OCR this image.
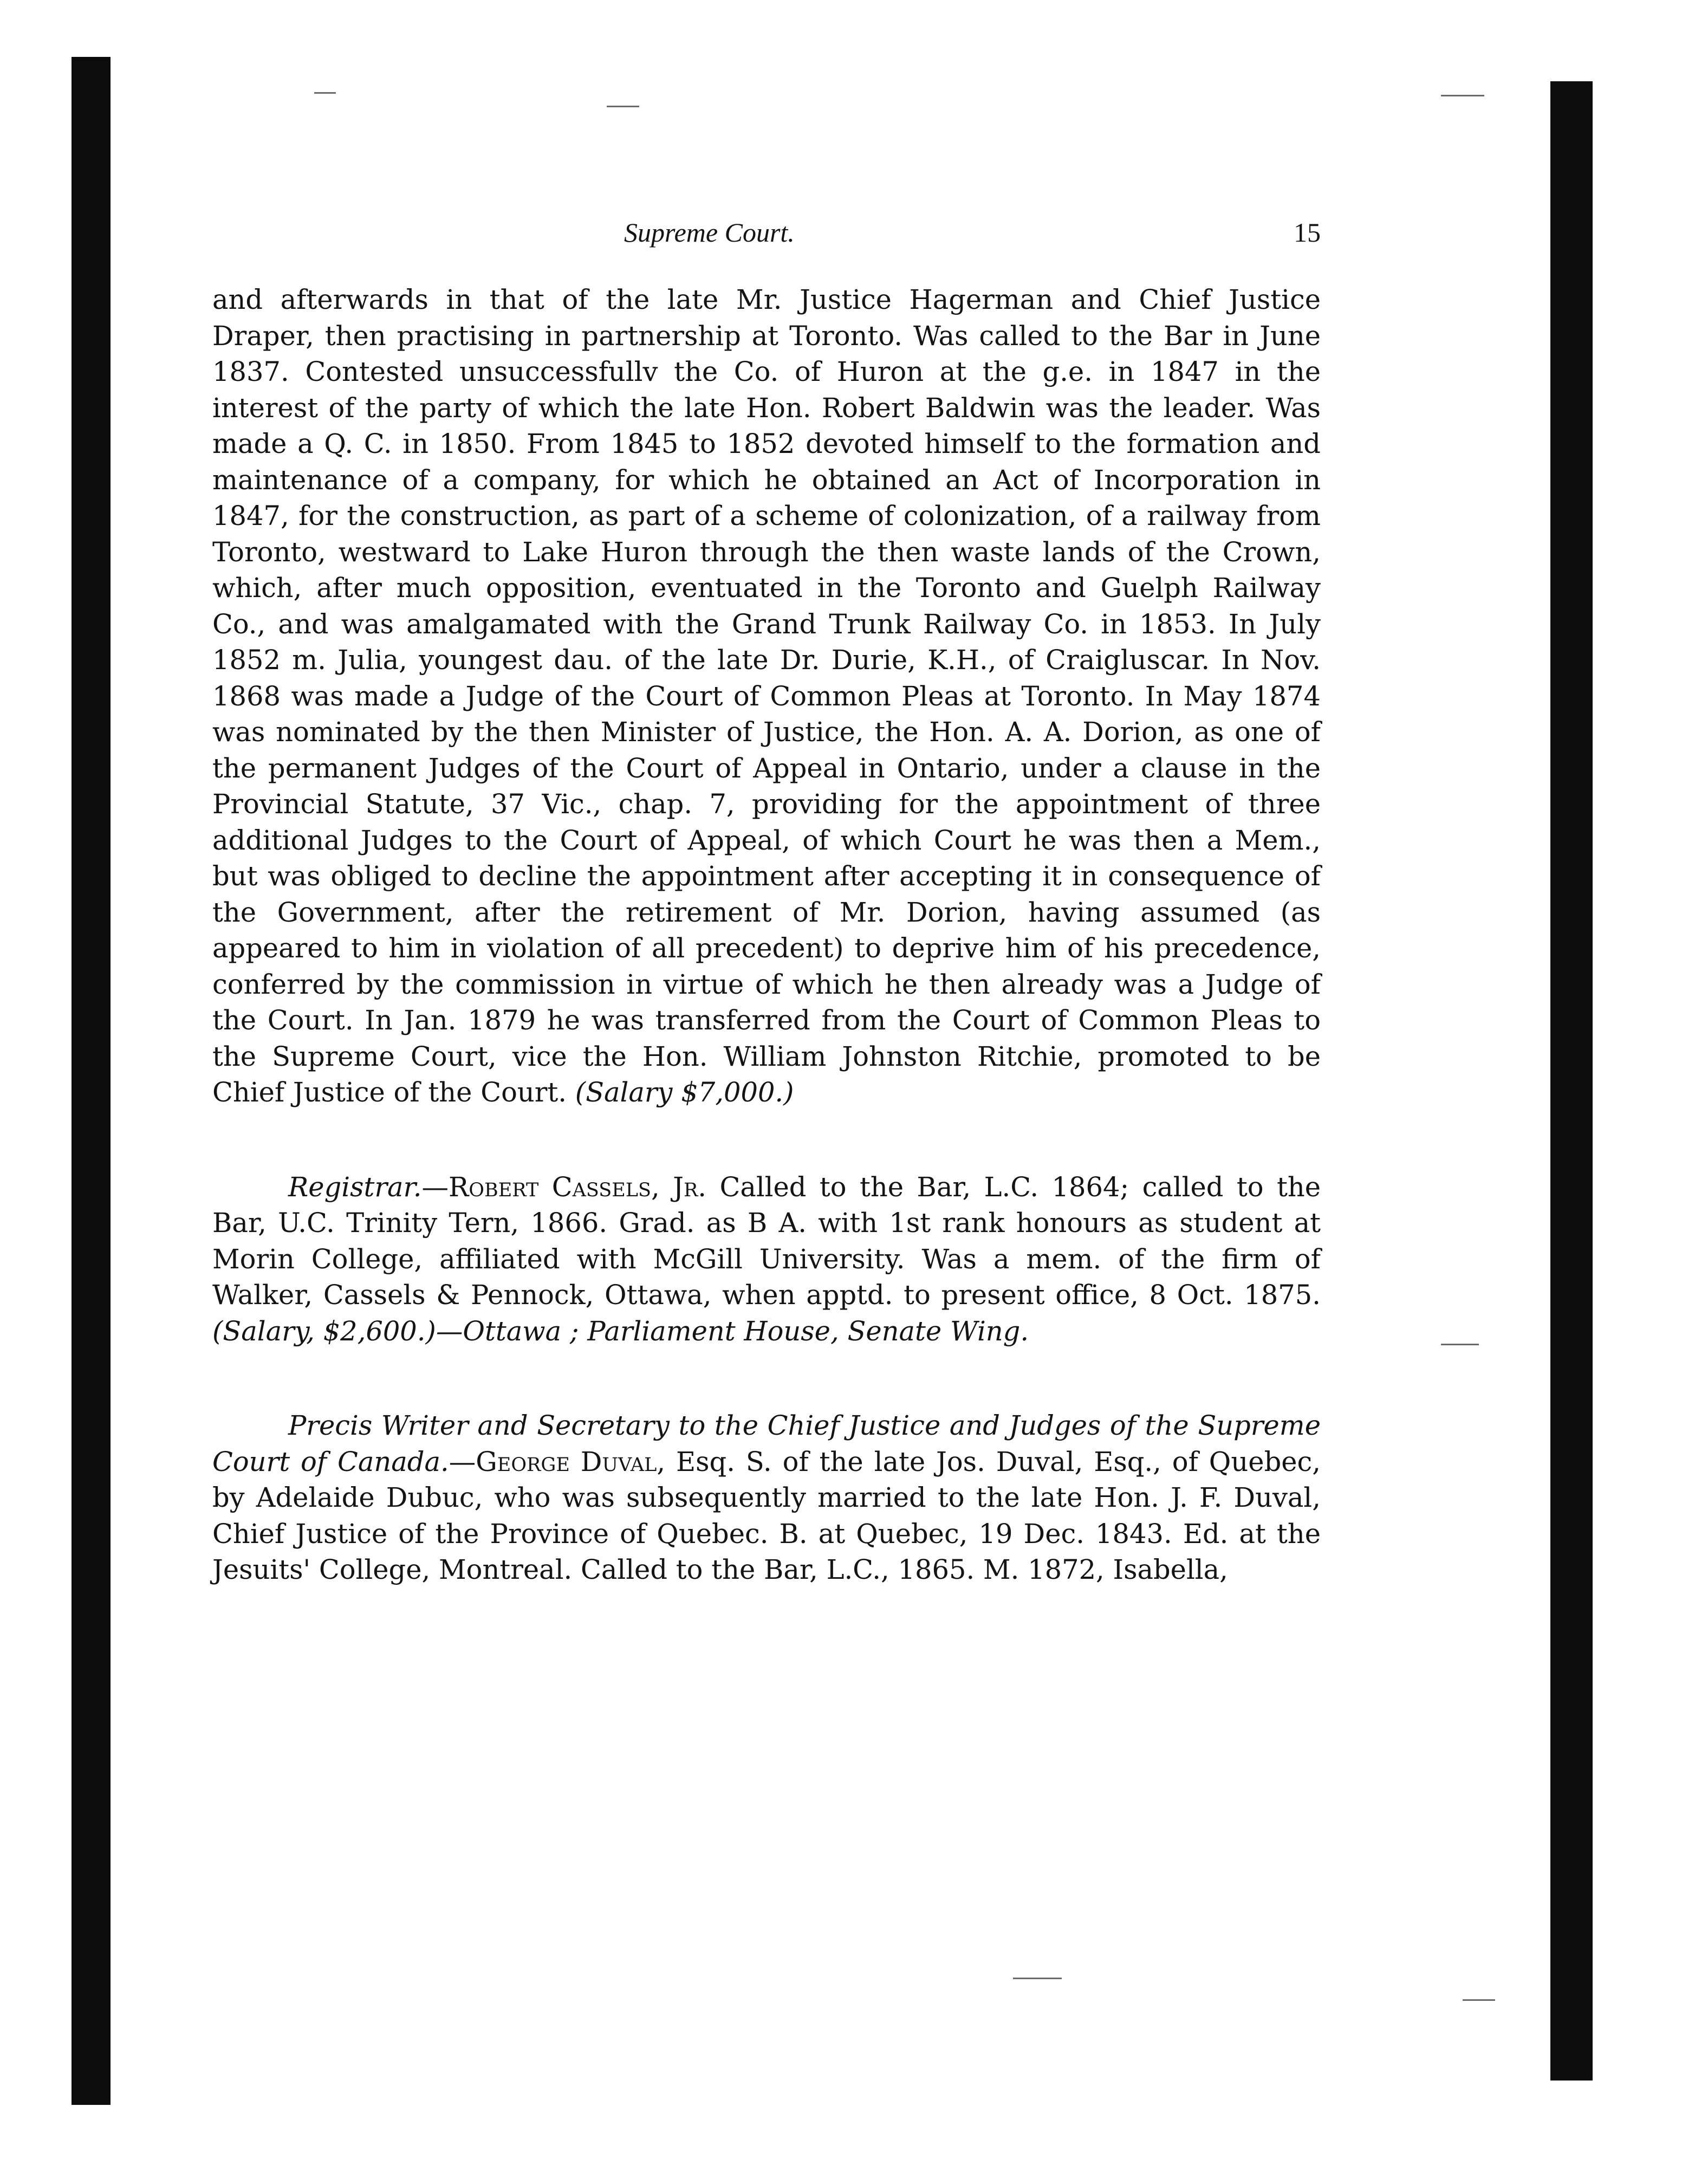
Supreme Court.	15

and afterwards in that of the late Mr. Justice Hagerman and Chief Justice Draper, then practising in partnership at Toronto. Was called to the Bar in June 1837. Contested unsuccessfullv the Co. of Huron at the g.e. in 1847 in the interest of the party of which the late Hon. Robert Baldwin was the leader. Was made a Q. C. in 1850. From 1845 to 1852 devoted himself to the formation and maintenance of a company, for which he obtained an Act of Incorporation in 1847, for the construction, as part of a scheme of colonization, of a railway from Toronto, westward to Lake Huron through the then waste lands of the Crown, which, after much opposition, eventuated in the Toronto and Guelph Railway Co., and was amalgamated with the Grand Trunk Railway Co. in 1853. In July 1852 m. Julia, youngest dau. of the late Dr. Durie, K.H., of Craigluscar. In Nov. 1868 was made a Judge of the Court of Common Pleas at Toronto. In May 1874 was nominated by the then Minister of Justice, the Hon. A. A. Dorion, as one of the permanent Judges of the Court of Appeal in Ontario, under a clause in the Provincial Statute, 37 Vic., chap. 7, providing for the appointment of three additional Judges to the Court of Appeal, of which Court he was then a Mem., but was obliged to decline the appointment after accepting it in consequence of the Government, after the retirement of Mr. Dorion, having assumed (as appeared to him in violation of all precedent) to deprive him of his precedence, conferred by the commission in virtue of which he then already was a Judge of the Court. In Jan. 1879 he was transferred from the Court of Common Pleas to the Supreme Court, vice the Hon. William Johnston Ritchie, promoted to be Chief Justice of the Court. (Salary $7,000.)

Registrar.—Robert Cassels, Jr. Called to the Bar, L.C. 1864; called to the Bar, U.C. Trinity Tern, 1866. Grad. as B A. with 1st rank honours as student at Morin College, affiliated with McGill University. Was a mem. of the firm of Walker, Cassels & Pennock, Ottawa, when apptd. to present office, 8 Oct. 1875. (Salary, $2,600.)—Ottawa ; Parliament House, Senate Wing.

Precis Writer and Secretary to the Chief Justice and Judges of the Supreme Court of Canada.—George Duval, Esq. S. of the late Jos. Duval, Esq., of Quebec, by Adelaide Dubuc, who was subsequently married to the late Hon. J. F. Duval, Chief Justice of the Province of Quebec. B. at Quebec, 19 Dec. 1843. Ed. at the Jesuits' College, Montreal. Called to the Bar, L.C., 1865. M. 1872, Isabella,
